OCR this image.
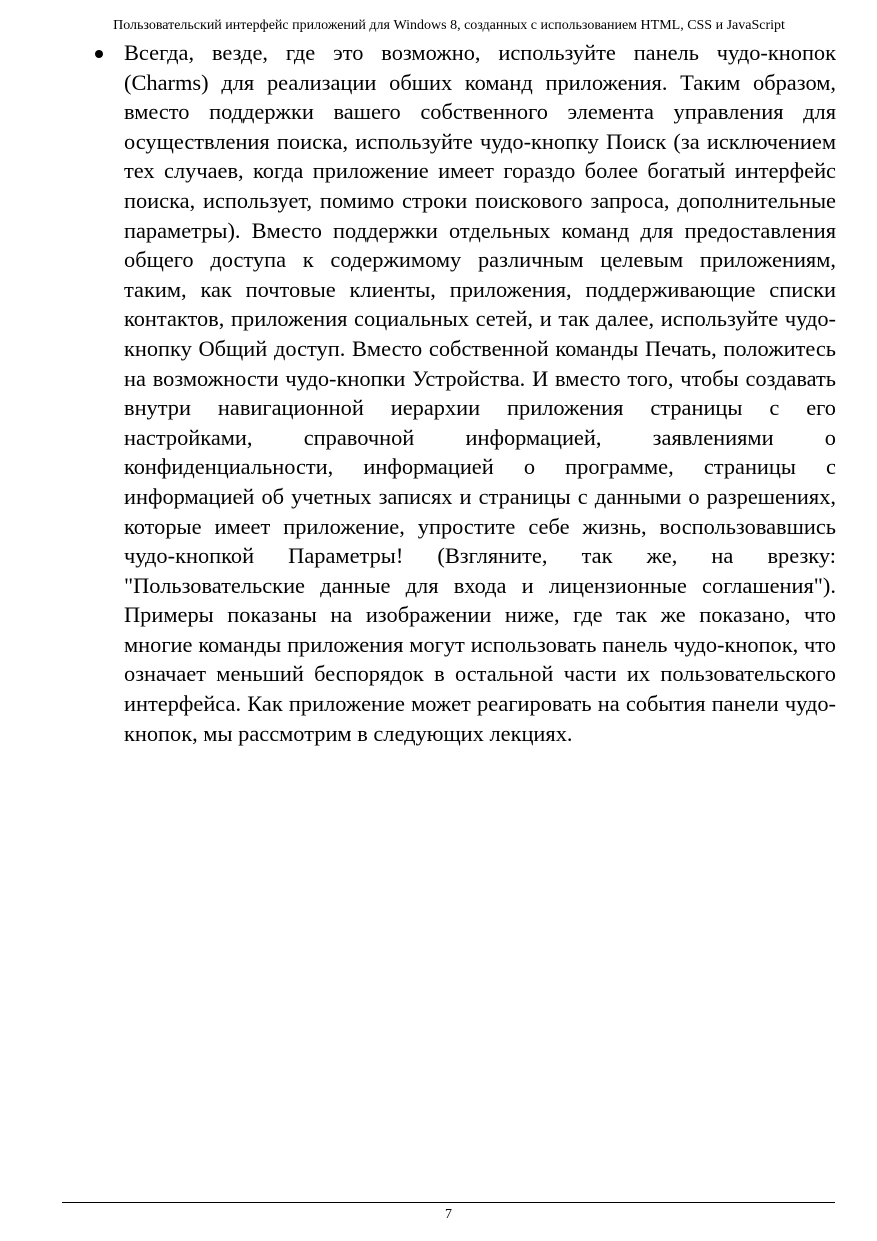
Пользовательский интерфейс приложений для Windows 8, созданных с использованием HTML, CSS и JavaScript
Всегда, везде, где это возможно, используйте панель чудо-кнопок (Charms) для реализации обших команд приложения. Таким образом, вместо поддержки вашего собственного элемента управления для осуществления поиска, используйте чудо-кнопку Поиск (за исключением тех случаев, когда приложение имеет гораздо более богатый интерфейс поиска, использует, помимо строки поискового запроса, дополнительные параметры). Вместо поддержки отдельных команд для предоставления общего доступа к содержимому различным целевым приложениям, таким, как почтовые клиенты, приложения, поддерживающие списки контактов, приложения социальных сетей, и так далее, используйте чудо-кнопку Общий доступ. Вместо собственной команды Печать, положитесь на возможности чудо-кнопки Устройства. И вместо того, чтобы создавать внутри навигационной иерархии приложения страницы с его настройками, справочной информацией, заявлениями о конфиденциальности, информацией о программе, страницы с информацией об учетных записях и страницы с данными о разрешениях, которые имеет приложение, упростите себе жизнь, воспользовавшись чудо-кнопкой Параметры! (Взгляните, так же, на врезку: "Пользовательские данные для входа и лицензионные соглашения"). Примеры показаны на изображении ниже, где так же показано, что многие команды приложения могут использовать панель чудо-кнопок, что означает меньший беспорядок в остальной части их пользовательского интерфейса. Как приложение может реагировать на события панели чудо-кнопок, мы рассмотрим в следующих лекциях.
7
